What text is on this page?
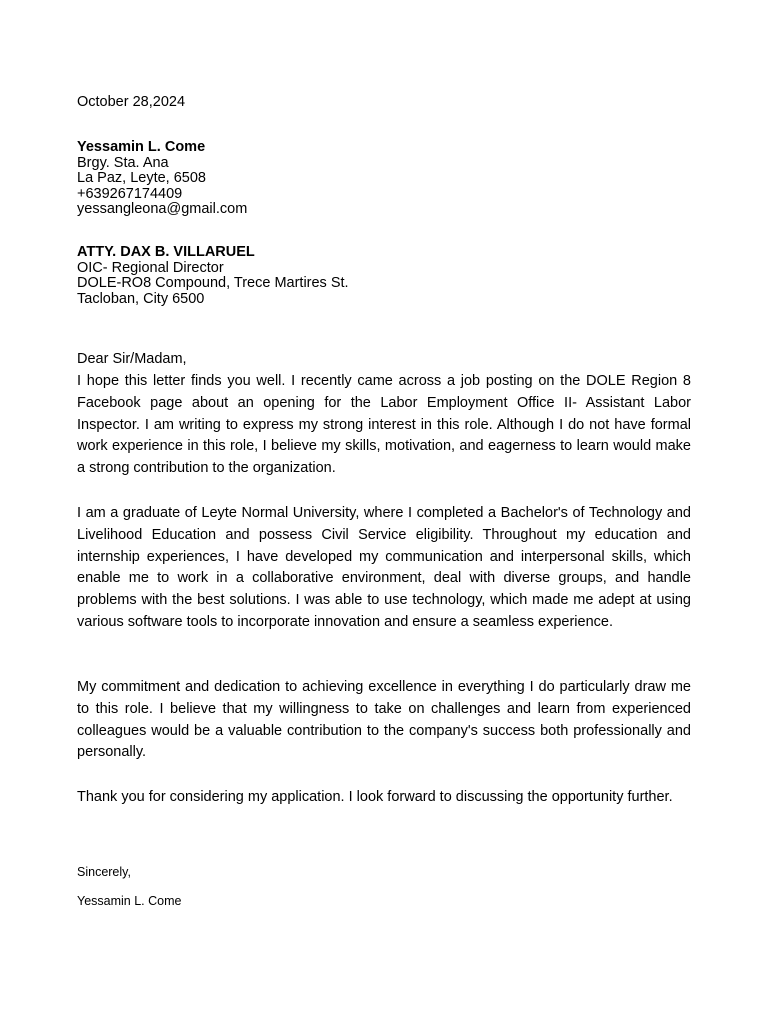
October 28,2024
Yessamin L. Come
Brgy. Sta. Ana
La Paz, Leyte, 6508
+639267174409
yessangleona@gmail.com
ATTY. DAX B. VILLARUEL
OIC- Regional Director
DOLE-RO8 Compound, Trece Martires St.
Tacloban, City 6500
Dear Sir/Madam,

I hope this letter finds you well. I recently came across a job posting on the DOLE Region 8 Facebook page about an opening for the Labor Employment Office II- Assistant Labor Inspector. I am writing to express my strong interest in this role. Although I do not have formal work experience in this role, I believe my skills, motivation, and eagerness to learn would make a strong contribution to the organization.

I am a graduate of Leyte Normal University, where I completed a Bachelor's of Technology and Livelihood Education and possess Civil Service eligibility. Throughout my education and internship experiences, I have developed my communication and interpersonal skills, which enable me to work in a collaborative environment, deal with diverse groups, and handle problems with the best solutions. I was able to use technology, which made me adept at using various software tools to incorporate innovation and ensure a seamless experience.

My commitment and dedication to achieving excellence in everything I do particularly draw me to this role. I believe that my willingness to take on challenges and learn from experienced colleagues would be a valuable contribution to the company's success both professionally and personally.

Thank you for considering my application. I look forward to discussing the opportunity further.

Sincerely,
Yessamin L. Come
